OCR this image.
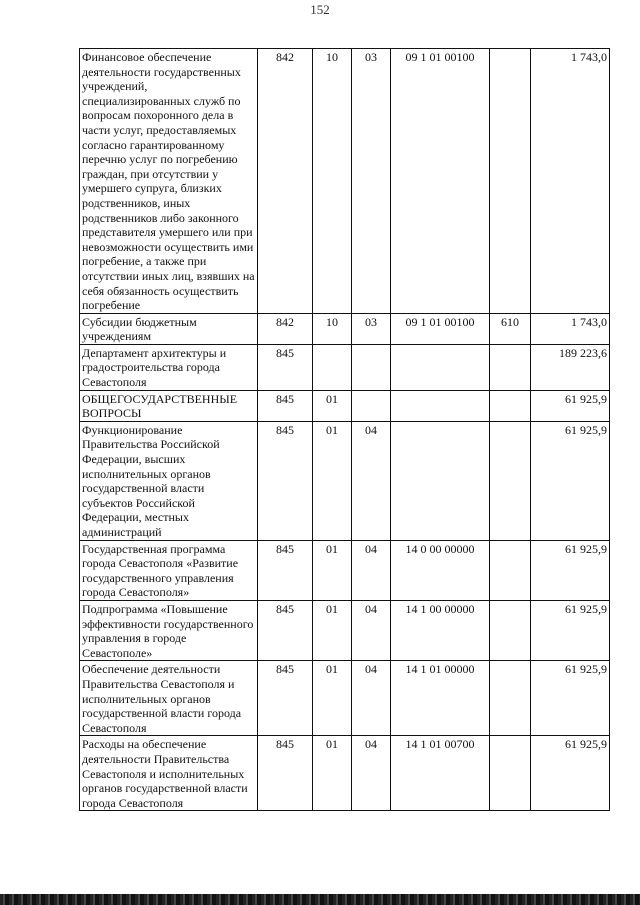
152
Финансовое обеспечение деятельности государственных учреждений, специализированных служб по вопросам похоронного дела в части услуг, предоставляемых согласно гарантированному перечню услуг по погребению граждан, при отсутствии у умершего супруга, близких родственников, иных родственников либо законного представителя умершего или при невозможности осуществить ими погребение, а также при отсутствии иных лиц, взявших на себя обязанность осуществить погребение	842	10	03	09 1 01 00100		1 743,0
Субсидии бюджетным учреждениям	842	10	03	09 1 01 00100	610	1 743,0
Департамент архитектуры и градостроительства города Севастополя	845					189 223,6
ОБЩЕГОСУДАРСТВЕННЫЕ ВОПРОСЫ	845	01				61 925,9
Функционирование Правительства Российской Федерации, высших исполнительных органов государственной власти субъектов Российской Федерации, местных администраций	845	01	04			61 925,9
Государственная программа города Севастополя «Развитие государственного управления города Севастополя»	845	01	04	14 0 00 00000		61 925,9
Подпрограмма «Повышение эффективности государственного управления в городе Севастополе»	845	01	04	14 1 00 00000		61 925,9
Обеспечение деятельности Правительства Севастополя и исполнительных органов государственной власти города Севастополя	845	01	04	14 1 01 00000		61 925,9
Расходы на обеспечение деятельности Правительства Севастополя и исполнительных органов государственной власти города Севастополя	845	01	04	14 1 01 00700		61 925,9
